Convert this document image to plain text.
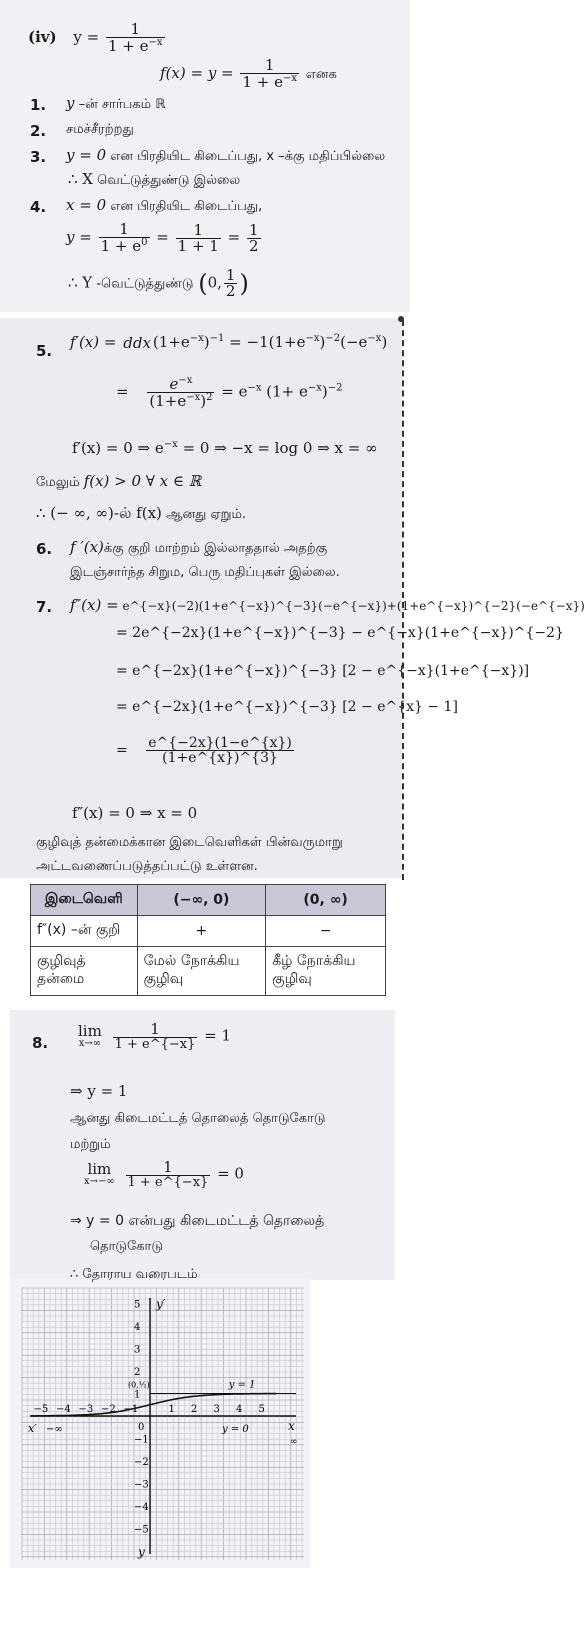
(iv) $y = \frac{1}{1 + e^{-x}}$
$f(x) = y = \frac{1}{1 + e^{-x}}$ எனக
1. y –ன் சார்பகம் ℝ
2. சமச்சீரற்றது
3. y = 0 என பிரதியிட கிடைப்பது, x –க்கு மதிப்பில்லை
∴ X வெட்டுத்துண்டு இல்லை
4. x = 0 என பிரதியிட கிடைப்பது,
$y = \frac{1}{1 + e^0} = \frac{1}{1 + 1} = \frac{1}{2}$
∴ Y -வெட்டுத்துண்டு (0, $\frac{1}{2}$ )
5. f′(x) = ddx $(1+e^{-x})^{-1} = -1(1+e^{-x})^{-2}(-e^{-x})$
= $\frac{e^{-x}}{(1+e^{-x})^2} = e^{-x}$ $(1+ e^{-x})^{-2}$
f′(x) = 0 ⇒ $e^{-x} = 0$ ⇒ −x = log 0 ⇒ x = ∞
மேலும் f(x) > 0 ∀ x ∈ ℝ
∴ (− ∞, ∞)-ல் f(x) ஆனது ஏறும்.
6. f ′(x)க்கு குறி மாற்றம் இல்லாததால் அதற்கு
இடஞ்சார்ந்த சிறும, பெரு மதிப்புகள் இல்லை.
7. f″(x) = e^{−x}(−2)(1+e^{−x})^{−3}(−e^{−x})+(1+e^{−x})^{−2}(−e^{−x})
= 2e^{−2x}(1+e^{−x})^{−3} − e^{−x}(1+e^{−x})^{−2}
= e^{−2x}(1+e^{−x})^{−3} [2 − e^{−x}(1+e^{−x})]
= e^{−2x}(1+e^{−x})^{−3} [2 − e^{x} − 1]
= $\frac{e\^{}\{-2x\}(1-e\^{}\{x\})}{(1+e\^{}\{x\})\^{}\{3\}}$
f″(x) = 0 ⇒ x = 0
குழிவுத் தன்மைக்கான இடைவெளிகள் பின்வருமாறு
அட்டவணைப்படுத்தப்பட்டு உள்ளன.
இடைவெளி	(−∞, 0)	(0, ∞)
f″(x) –ன் குறி	+	−
குழிவுத் தன்மை	மேல் நோக்கிய குழிவு	கீழ் நோக்கிய குழிவு
8.
lim
x→∞
$\frac{1}{1 + e\^{}\{-x\}} = 1$
⇒ y = 1
ஆனது கிடைமட்டத் தொலைத் தொடுகோடு
மற்றும்
lim
x→−∞
$\frac{1}{1 + e\^{}\{-x\}} = 0$
⇒ y = 0 என்பது கிடைமட்டத் தொலைத்
தொடுகோடு
∴ தோராய வரைபடம்
−5 −4 −3 −2 −1	1 2 3 4 5
5
4
3
2
1
−1
−2
−3
−4
−5
y′
y
x
x′ −∞
∞
0
(0,½)	y = 1
y = 0
